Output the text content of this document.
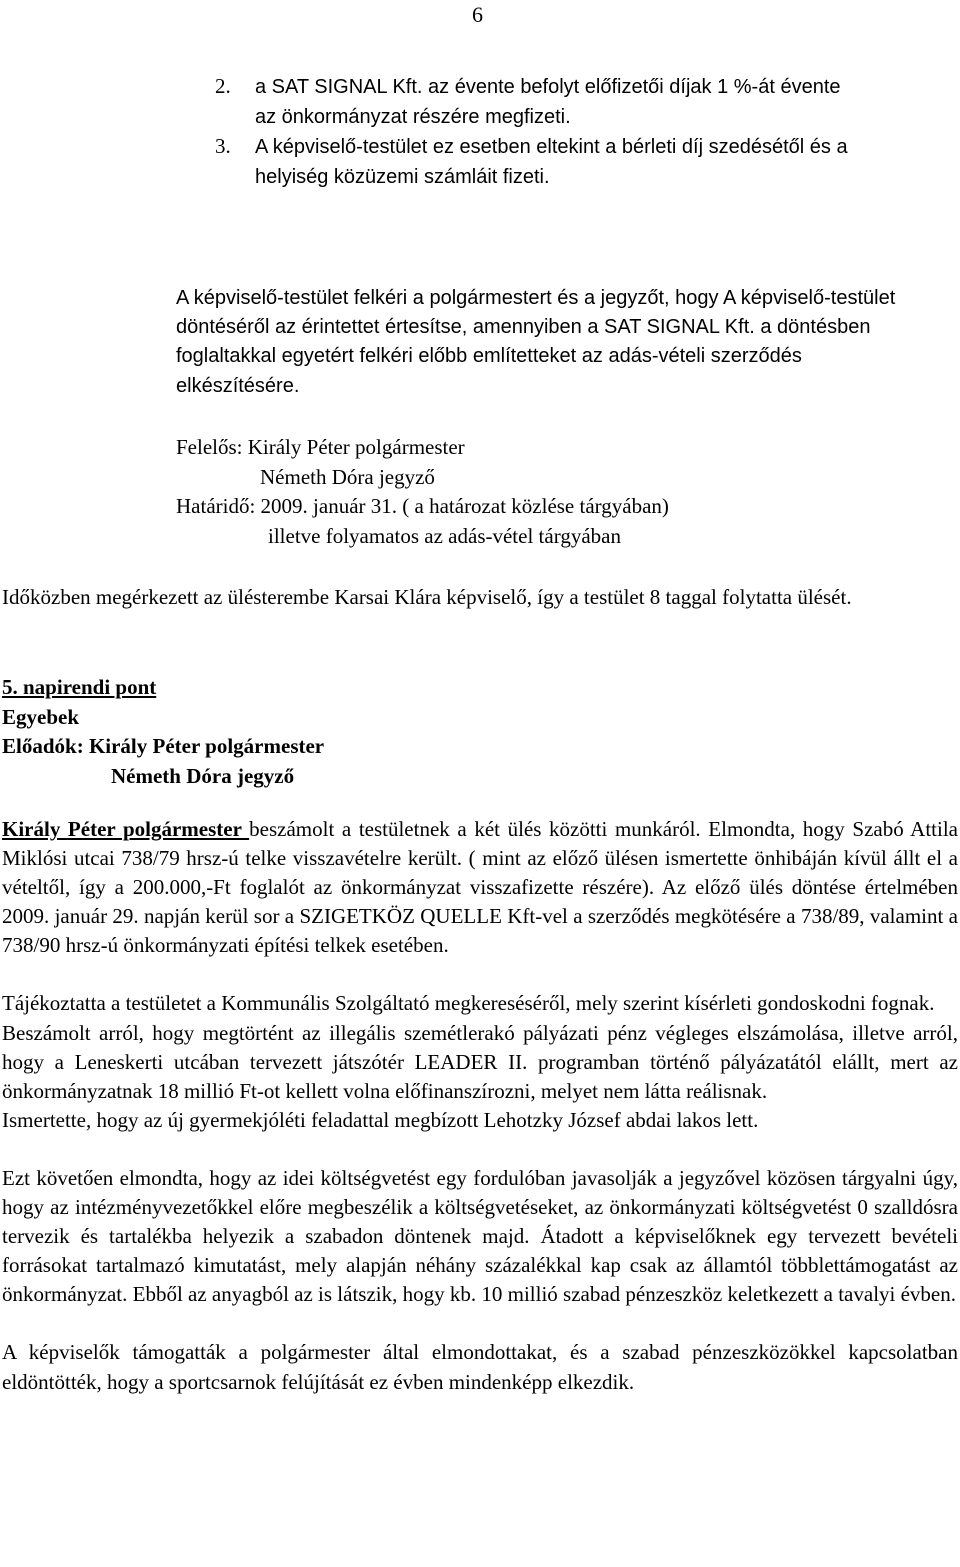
6
2. a SAT SIGNAL Kft. az évente befolyt előfizetői díjak 1 %-át évente az önkormányzat részére megfizeti.
3. A képviselő-testület ez esetben eltekint a bérleti díj szedésétől és a helyiség közüzemi számláit fizeti.

A képviselő-testület felkéri a polgármestert és a jegyzőt, hogy A képviselő-testület döntéséről az érintettet értesítse, amennyiben a SAT SIGNAL Kft. a döntésben foglaltakkal egyetért felkéri előbb említetteket az adás-vételi szerződés elkészítésére.

Felelős: Király Péter polgármester

Németh Dóra jegyző

Határidő: 2009. január 31. ( a határozat közlése tárgyában)

illetve folyamatos az adás-vétel tárgyában

Időközben megérkezett az ülésterembe Karsai Klára képviselő, így a testület 8 taggal folytatta ülését.

5. napirendi pont

Egyebek

Előadók: Király Péter polgármester

Németh Dóra jegyző

Király Péter polgármester beszámolt a testületnek a két ülés közötti munkáról. Elmondta, hogy Szabó Attila Miklósi utcai 738/79 hrsz-ú telke visszavételre került. ( mint az előző ülésen ismertette önhibáján kívül állt el a vételtől, így a 200.000,-Ft foglalót az önkormányzat visszafizette részére). Az előző ülés döntése értelmében 2009. január 29. napján kerül sor a SZIGETKÖZ QUELLE Kft-vel a szerződés megkötésére a 738/89, valamint a 738/90 hrsz-ú önkormányzati építési telkek esetében.

Tájékoztatta a testületet a Kommunális Szolgáltató megkereséséről, mely szerint kísérleti gondoskodni fognak.

Beszámolt arról, hogy megtörtént az illegális szemétlerakó pályázati pénz végleges elszámolása, illetve arról, hogy a Leneskerti utcában tervezett játszótér LEADER II. programban történő pályázatától elállt, mert az önkormányzatnak 18 millió Ft-ot kellett volna előfinanszírozni, melyet nem látta reálisnak.

Ismertette, hogy az új gyermekjóléti feladattal megbízott Lehotzky József abdai lakos lett.

Ezt követően elmondta, hogy az idei költségvetést egy fordulóban javasolják a jegyzővel közösen tárgyalni úgy, hogy az intézményvezetőkkel előre megbeszélik a költségvetéseket, az önkormányzati költségvetést 0 szalldósra tervezik és tartalékba helyezik a szabadon döntenek majd. Átadott a képviselőknek egy tervezett bevételi forrásokat tartalmazó kimutatást, mely alapján néhány százalékkal kap csak az államtól többlettámogatást az önkormányzat. Ebből az anyagból az is látszik, hogy kb. 10 millió szabad pénzeszköz keletkezett a tavalyi évben.

A képviselők támogatták a polgármester által elmondottakat, és a szabad pénzeszközökkel kapcsolatban eldöntötték, hogy a sportcsarnok felújítását ez évben mindenképp elkezdik.
